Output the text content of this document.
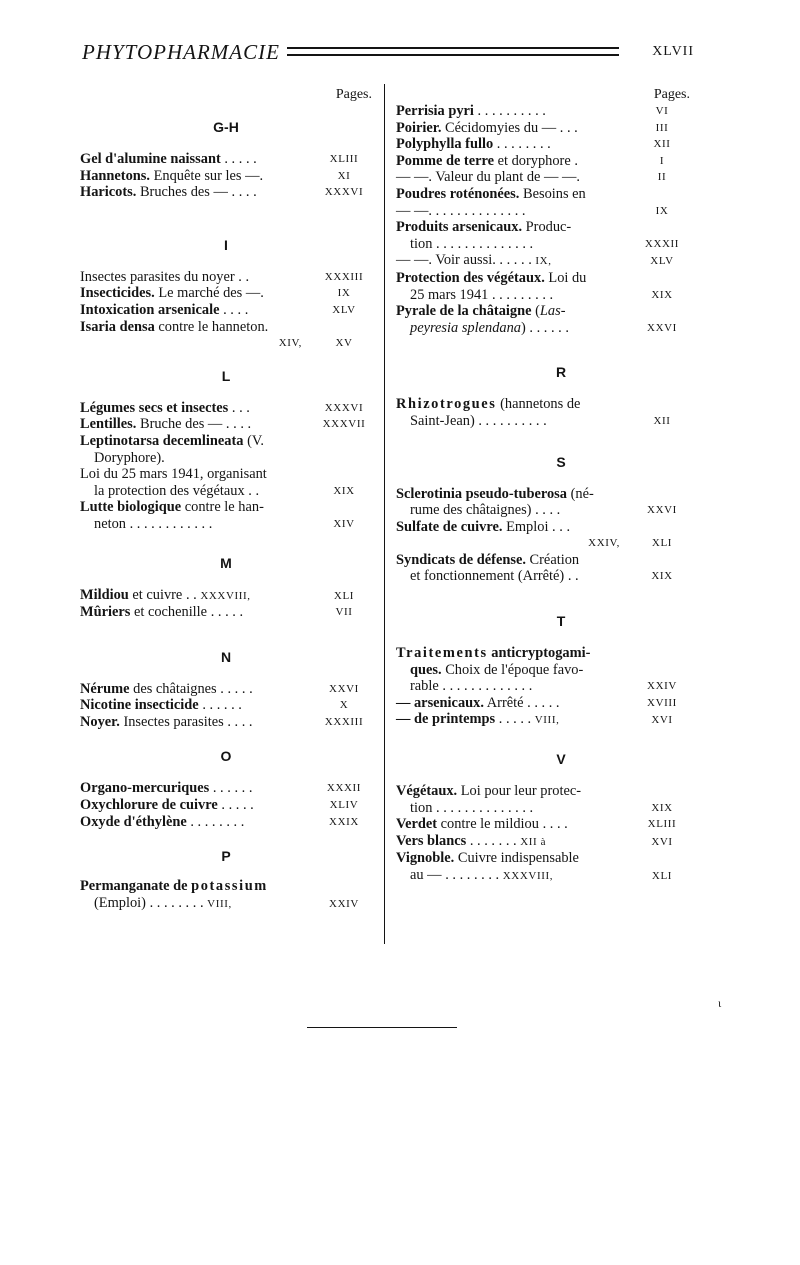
PHYTOPHARMACIE	XLVII
Pages.
G-H
Gel d'alumine naissant . . . . .	XLIII
Hannetons. Enquête sur les —.	XI
Haricots. Bruches des — . . . .	XXXVI
I
Insectes parasites du noyer . .	XXXIII
Insecticides. Le marché des —.	IX
Intoxication arsenicale . . . .	XLV
Isaria densa contre le hanneton.
XIV,	XV
L
Légumes secs et insectes . . .	XXXVI
Lentilles. Bruche des — . . . .	XXXVII
Leptinotarsa decemlineata (V.
Doryphore).
Loi du 25 mars 1941, organisant
la protection des végétaux . .	XIX
Lutte biologique contre le han-
neton . . . . . . . . . . . .	XIV
M
Mildiou et cuivre . . XXXVIII,	XLI
Mûriers et cochenille . . . . .	VII
N
Nérume des châtaignes . . . . .	XXVI
Nicotine insecticide . . . . . .	X
Noyer. Insectes parasites . . . .	XXXIII
O
Organo-mercuriques . . . . . .	XXXII
Oxychlorure de cuivre . . . . .	XLIV
Oxyde d'éthylène . . . . . . . .	XXIX
P
Permanganate de potassium
(Emploi) . . . . . . . . VIII,	XXIV
Pages.
Perrisia pyri . . . . . . . . . .	VI
Poirier. Cécidomyies du — . . .	III
Polyphylla fullo . . . . . . . .	XII
Pomme de terre et doryphore .	I
— —. Valeur du plant de — —.	II
Poudres roténonées. Besoins en
— —. . . . . . . . . . . . . .	IX
Produits arsenicaux. Produc-
tion . . . . . . . . . . . . . .	XXXII
— —. Voir aussi. . . . . . IX,	XLV
Protection des végétaux. Loi du
25 mars 1941 . . . . . . . . .	XIX
Pyrale de la châtaigne (Las-
peyresia splendana) . . . . . .	XXVI
R
Rhizotrogues (hannetons de
Saint-Jean) . . . . . . . . . .	XII
S
Sclerotinia pseudo-tuberosa (né-
rume des châtaignes) . . . .	XXVI
Sulfate de cuivre. Emploi . . .
XXIV,	XLI
Syndicats de défense. Création
et fonctionnement (Arrêté) . .	XIX
T
Traitements anticryptogami-
ques. Choix de l'époque favo-
rable . . . . . . . . . . . . .	XXIV
— arsenicaux. Arrêté . . . . .	XVIII
— de printemps . . . . . VIII,	XVI
V
Végétaux. Loi pour leur protec-
tion . . . . . . . . . . . . . .	XIX
Verdet contre le mildiou . . . .	XLIII
Vers blancs . . . . . . . XII à	XVI
Vignoble. Cuivre indispensable
au — . . . . . . . . XXXVIII,	XLI
ɩ
